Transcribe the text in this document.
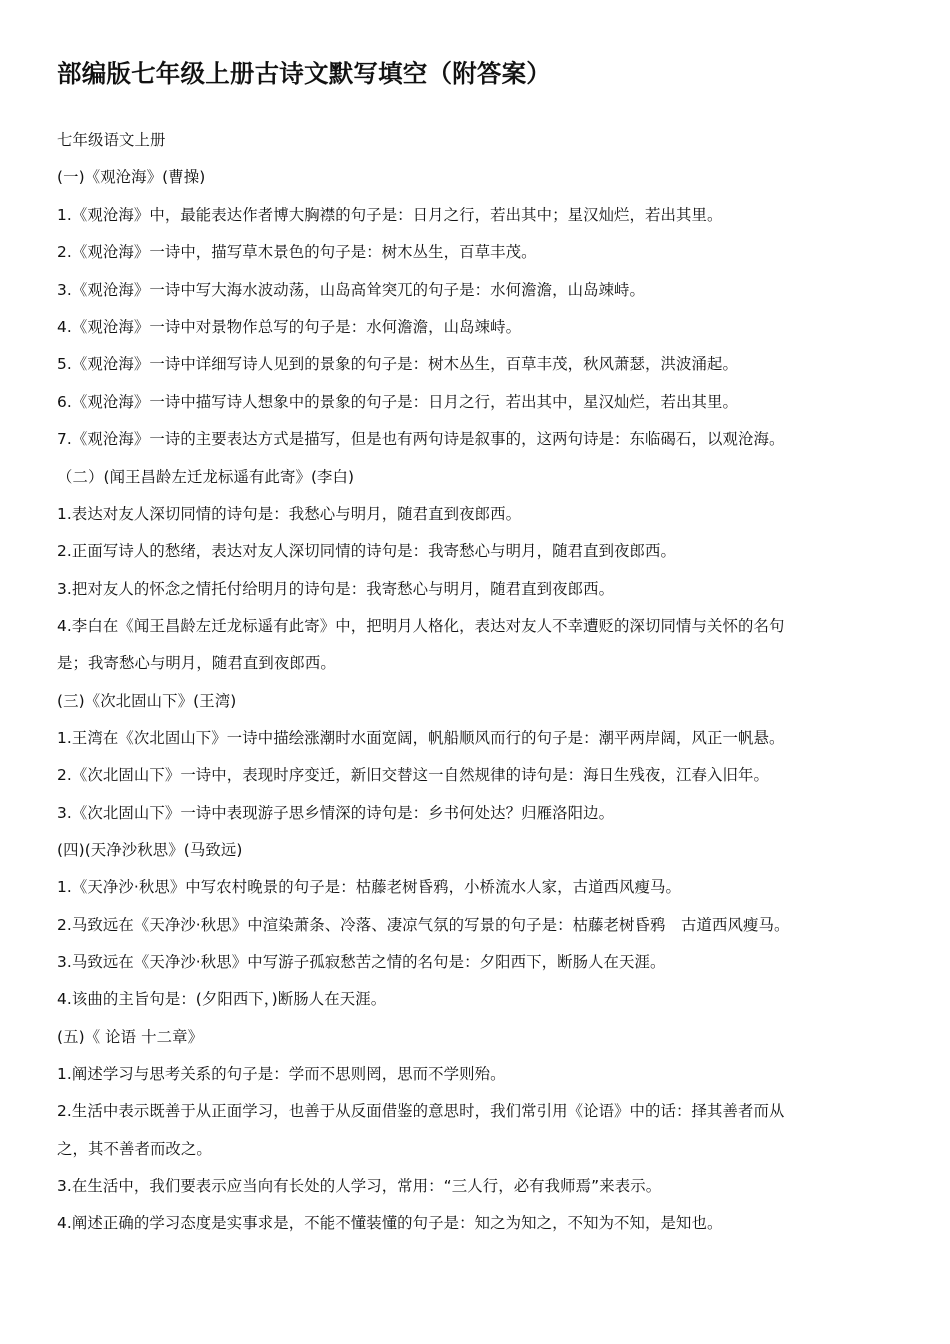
部编版七年级上册古诗文默写填空（附答案）

七年级语文上册

(一)《观沧海》(曹操)

1.《观沧海》中，最能表达作者博大胸襟的句子是：日月之行，若出其中；星汉灿烂，若出其里。

2.《观沧海》一诗中，描写草木景色的句子是：树木丛生，百草丰茂。

3.《观沧海》一诗中写大海水波动荡，山岛高耸突兀的句子是：水何澹澹，山岛竦峙。

4.《观沧海》一诗中对景物作总写的句子是：水何澹澹，山岛竦峙。

5.《观沧海》一诗中详细写诗人见到的景象的句子是：树木丛生，百草丰茂，秋风萧瑟，洪波涌起。

6.《观沧海》一诗中描写诗人想象中的景象的句子是：日月之行，若出其中，星汉灿烂，若出其里。

7.《观沧海》一诗的主要表达方式是描写，但是也有两句诗是叙事的，这两句诗是：东临碣石，以观沧海。

（二）(闻王昌龄左迁龙标遥有此寄》(李白)

1.表达对友人深切同情的诗句是：我愁心与明月，随君直到夜郎西。

2.正面写诗人的愁绪，表达对友人深切同情的诗句是：我寄愁心与明月，随君直到夜郎西。

3.把对友人的怀念之情托付给明月的诗句是：我寄愁心与明月，随君直到夜郎西。

4.李白在《闻王昌龄左迁龙标遥有此寄》中，把明月人格化，表达对友人不幸遭贬的深切同情与关怀的名句

是；我寄愁心与明月，随君直到夜郎西。

(三)《次北固山下》(王湾)

1.王湾在《次北固山下》一诗中描绘涨潮时水面宽阔，帆船顺风而行的句子是：潮平两岸阔，风正一帆悬。

2.《次北固山下》一诗中，表现时序变迁，新旧交替这一自然规律的诗句是：海日生残夜，江春入旧年。

3.《次北固山下》一诗中表现游子思乡情深的诗句是：乡书何处达？归雁洛阳边。

(四)(天净沙秋思》(马致远)

1.《天净沙·秋思》中写农村晚景的句子是：枯藤老树昏鸦，小桥流水人家，古道西风瘦马。

2.马致远在《天净沙·秋思》中渲染萧条、冷落、凄凉气氛的写景的句子是：枯藤老树昏鸦　古道西风瘦马。

3.马致远在《天净沙·秋思》中写游子孤寂愁苦之情的名句是：夕阳西下，断肠人在天涯。

4.该曲的主旨句是：(夕阳西下，)断肠人在天涯。

(五)《 论语 十二章》

1.阐述学习与思考关系的句子是：学而不思则罔，思而不学则殆。

2.生活中表示既善于从正面学习，也善于从反面借鉴的意思时，我们常引用《论语》中的话：择其善者而从

之，其不善者而改之。

3.在生活中，我们要表示应当向有长处的人学习，常用：“三人行，必有我师焉”来表示。

4.阐述正确的学习态度是实事求是，不能不懂装懂的句子是：知之为知之，不知为不知，是知也。
